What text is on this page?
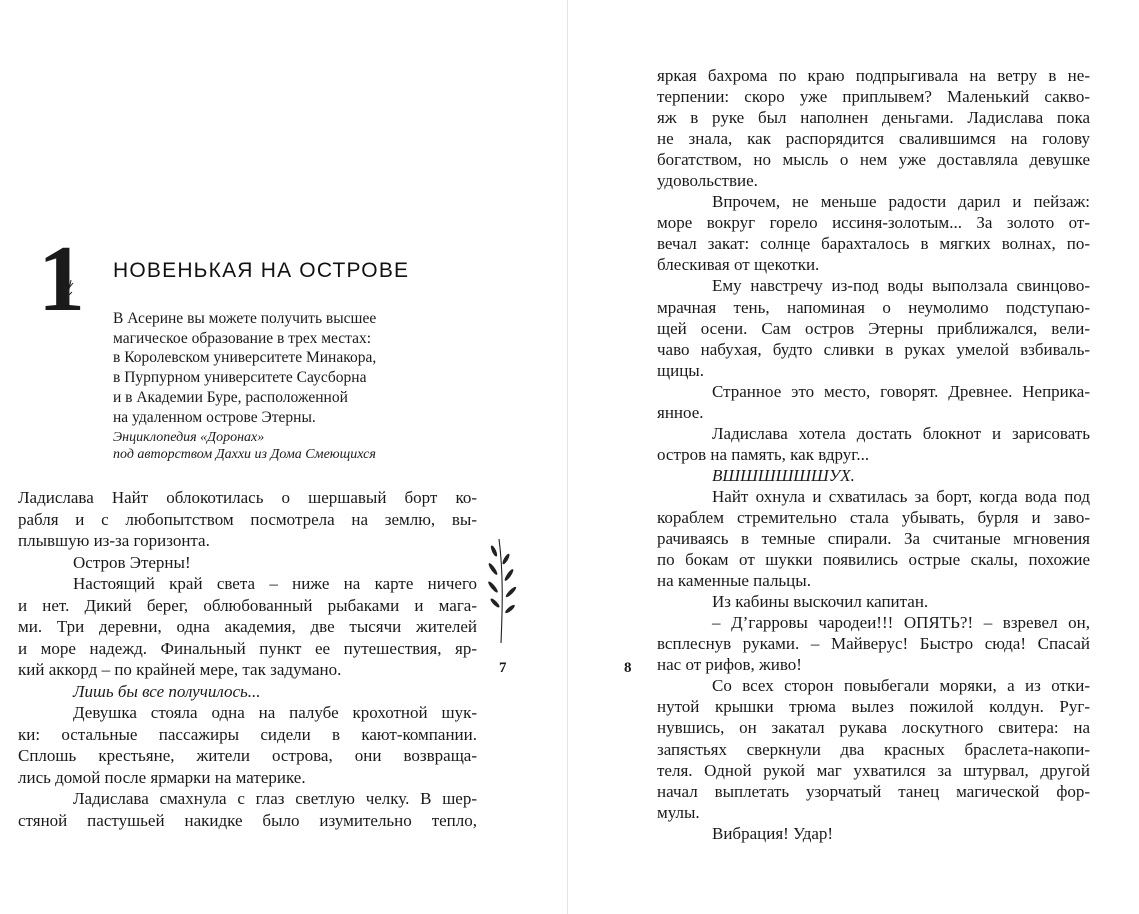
1 НОВЕНЬКАЯ НА ОСТРОВЕ
В Асерине вы можете получить высшее
магическое образование в трех местах:
в Королевском университете Минакора,
в Пурпурном университете Саусборна
и в Академии Буре, расположенной
на удаленном острове Этерны.
Энциклопедия «Доронах»
под авторством Даххи из Дома Смеющихся
Ладислава Найт облокотилась о шершавый борт ко-
рабля и с любопытством посмотрела на землю, вы-
плывшую из-за горизонта.
Остров Этерны!
Настоящий край света – ниже на карте ничего
и нет. Дикий берег, облюбованный рыбаками и мага-
ми. Три деревни, одна академия, две тысячи жителей
и море надежд. Финальный пункт ее путешествия, яр-
кий аккорд – по крайней мере, так задумано.
Лишь бы все получилось...
Девушка стояла одна на палубе крохотной шук-
ки: остальные пассажиры сидели в кают-компании.
Сплошь крестьяне, жители острова, они возвраща-
лись домой после ярмарки на материке.
Ладислава смахнула с глаз светлую челку. В шер-
стяной пастушьей накидке было изумительно тепло,
7	8
яркая бахрома по краю подпрыгивала на ветру в не-
терпении: скоро уже приплывем? Маленький сакво-
яж в руке был наполнен деньгами. Ладислава пока
не знала, как распорядится свалившимся на голову
богатством, но мысль о нем уже доставляла девушке
удовольствие.
Впрочем, не меньше радости дарил и пейзаж:
море вокруг горело иссиня-золотым... За золото от-
вечал закат: солнце барахталось в мягких волнах, по-
блескивая от щекотки.
Ему навстречу из-под воды выползала свинцово-
мрачная тень, напоминая о неумолимо подступаю-
щей осени. Сам остров Этерны приближался, вели-
чаво набухая, будто сливки в руках умелой взбиваль-
щицы.
Странное это место, говорят. Древнее. Неприка-
янное.
Ладислава хотела достать блокнот и зарисовать
остров на память, как вдруг...
ВШШШШШШУХ.
Найт охнула и схватилась за борт, когда вода под
кораблем стремительно стала убывать, бурля и заво-
рачиваясь в темные спирали. За считаные мгновения
по бокам от шукки появились острые скалы, похожие
на каменные пальцы.
Из кабины выскочил капитан.
– Д’гарровы чародеи!!! ОПЯТЬ?! – взревел он,
всплеснув руками. – Майверус! Быстро сюда! Спасай
нас от рифов, живо!
Со всех сторон повыбегали моряки, а из отки-
нутой крышки трюма вылез пожилой колдун. Руг-
нувшись, он закатал рукава лоскутного свитера: на
запястьях сверкнули два красных браслета-накопи-
теля. Одной рукой маг ухватился за штурвал, другой
начал выплетать узорчатый танец магической фор-
мулы.
Вибрация! Удар!
